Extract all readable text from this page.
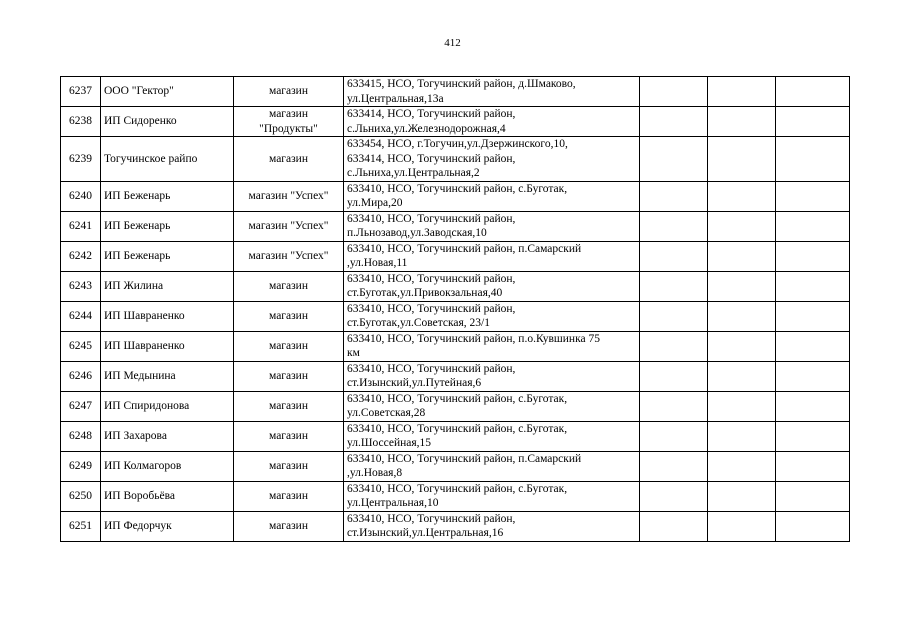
412
6237	ООО "Гектор"	магазин	633415, НСО, Тогучинский район, д.Шмаково,
ул.Центральная,13а			
6238	ИП Сидоренко	магазин
"Продукты"	633414, НСО, Тогучинский район,
с.Льниха,ул.Железнодорожная,4			
6239	Тогучинское райпо	магазин	633454, НСО, г.Тогучин,ул.Дзержинского,10,
633414, НСО, Тогучинский район,
с.Льниха,ул.Центральная,2			
6240	ИП Беженарь	магазин "Успех"	633410, НСО, Тогучинский район, с.Буготак,
ул.Мира,20			
6241	ИП Беженарь	магазин "Успех"	633410, НСО, Тогучинский район,
п.Льнозавод,ул.Заводская,10			
6242	ИП Беженарь	магазин "Успех"	633410, НСО, Тогучинский район, п.Самарский
,ул.Новая,11			
6243	ИП Жилина	магазин	633410, НСО, Тогучинский район,
ст.Буготак,ул.Привокзальная,40			
6244	ИП Шавраненко	магазин	633410, НСО, Тогучинский район,
ст.Буготак,ул.Советская, 23/1			
6245	ИП Шавраненко	магазин	633410, НСО, Тогучинский район, п.о.Кувшинка 75
км			
6246	ИП Медынина	магазин	633410, НСО, Тогучинский район,
ст.Изынский,ул.Путейная,6			
6247	ИП Спиридонова	магазин	633410, НСО, Тогучинский район, с.Буготак,
ул.Советская,28			
6248	ИП Захарова	магазин	633410, НСО, Тогучинский район, с.Буготак,
ул.Шоссейная,15			
6249	ИП Колмагоров	магазин	633410, НСО, Тогучинский район, п.Самарский
,ул.Новая,8			
6250	ИП Воробьёва	магазин	633410, НСО, Тогучинский район, с.Буготак,
ул.Центральная,10			
6251	ИП Федорчук	магазин	633410, НСО, Тогучинский район,
ст.Изынский,ул.Центральная,16			
